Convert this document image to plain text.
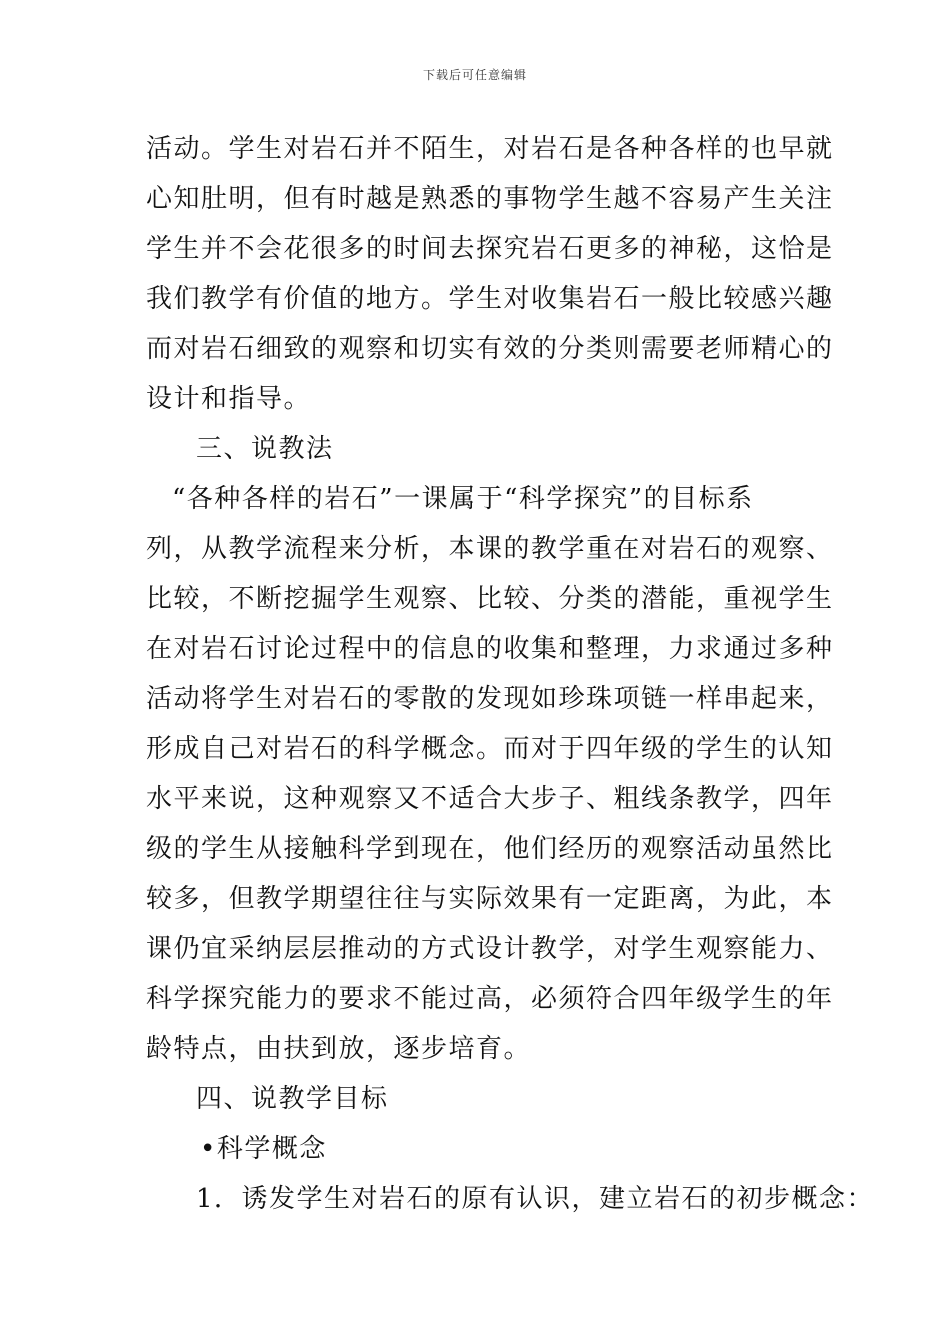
下载后可任意编辑
活动。学生对岩石并不陌生，对岩石是各种各样的也早就
心知肚明，但有时越是熟悉的事物学生越不容易产生关注
学生并不会花很多的时间去探究岩石更多的神秘，这恰是
我们教学有价值的地方。学生对收集岩石一般比较感兴趣
而对岩石细致的观察和切实有效的分类则需要老师精心的
设计和指导。
三、说教法
“各种各样的岩石”一课属于“科学探究”的目标系
列，从教学流程来分析，本课的教学重在对岩石的观察、
比较，不断挖掘学生观察、比较、分类的潜能，重视学生
在对岩石讨论过程中的信息的收集和整理，力求通过多种
活动将学生对岩石的零散的发现如珍珠项链一样串起来，
形成自己对岩石的科学概念。而对于四年级的学生的认知
水平来说，这种观察又不适合大步子、粗线条教学，四年
级的学生从接触科学到现在，他们经历的观察活动虽然比
较多，但教学期望往往与实际效果有一定距离，为此，本
课仍宜采纳层层推动的方式设计教学，对学生观察能力、
科学探究能力的要求不能过高，必须符合四年级学生的年
龄特点，由扶到放，逐步培育。
四、说教学目标
•科学概念
1．诱发学生对岩石的原有认识，建立岩石的初步概念：
